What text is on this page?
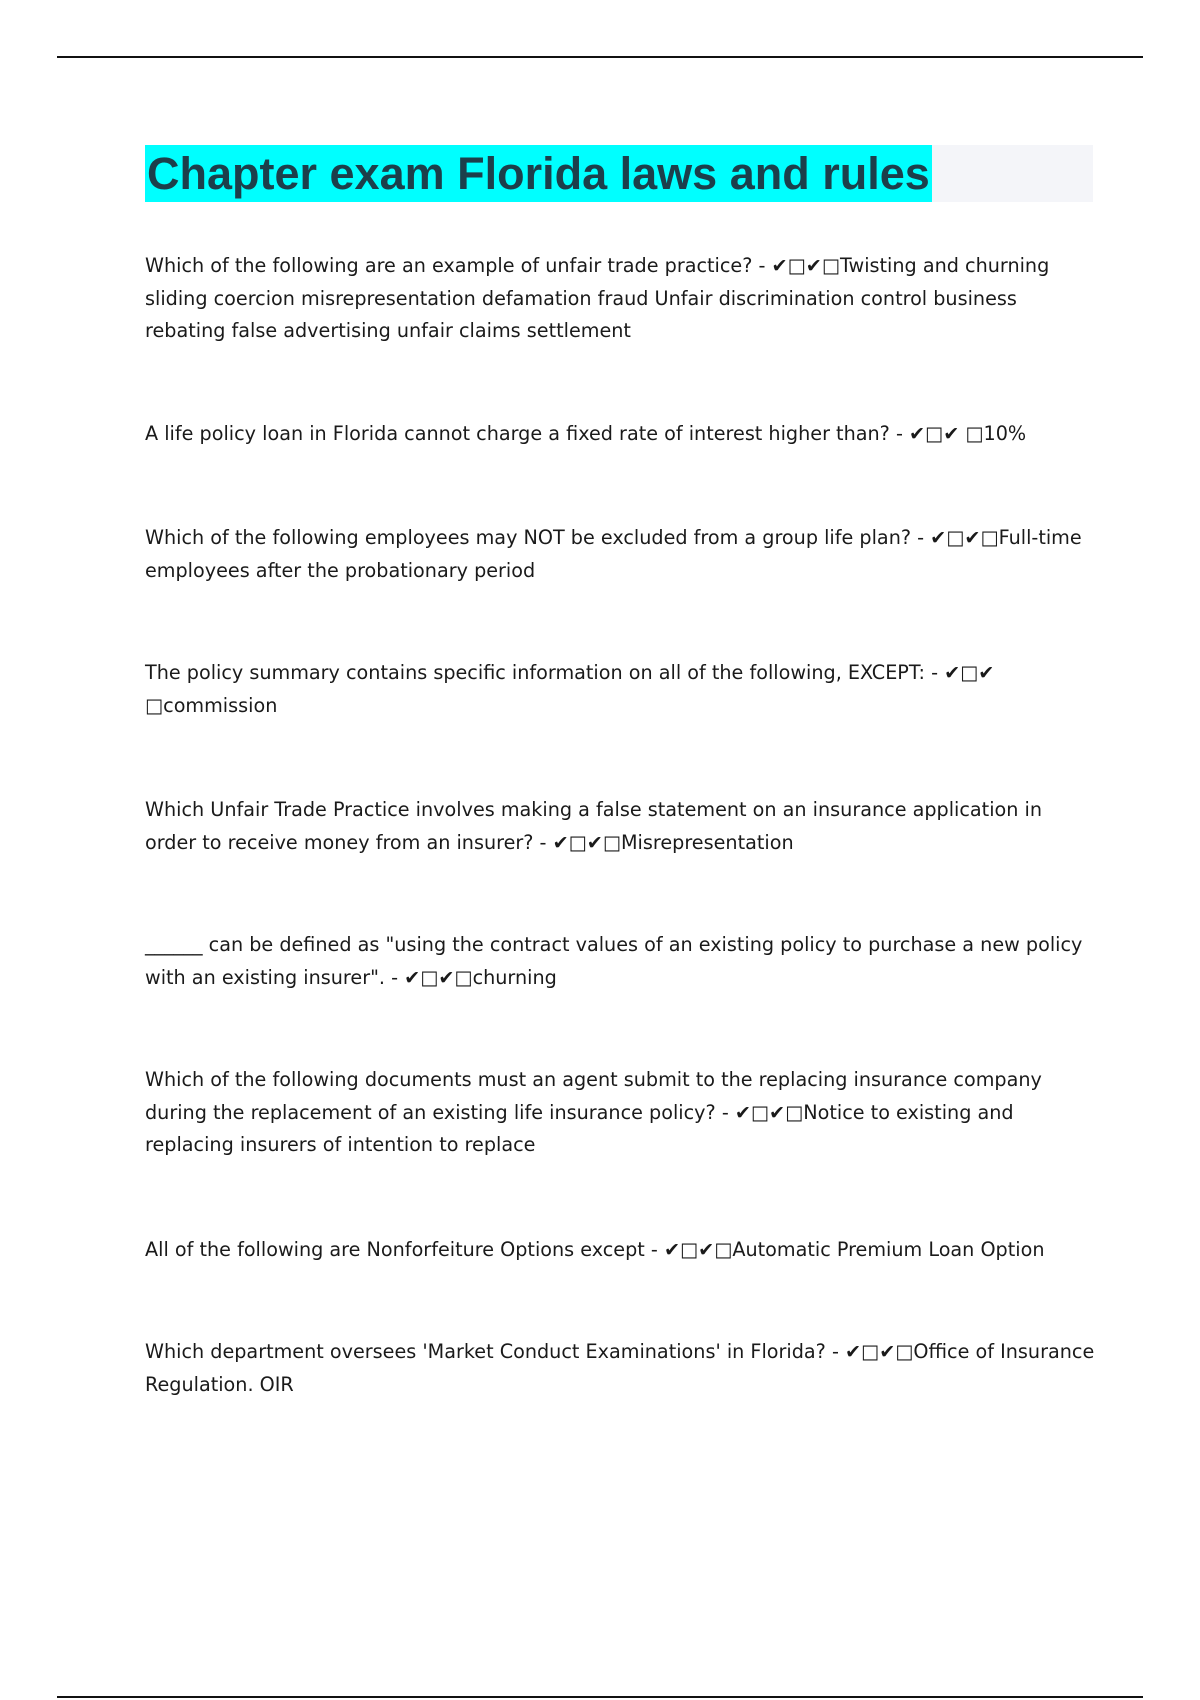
Chapter exam Florida laws and rules
Which of the following are an example of unfair trade practice? - ✔□✔□Twisting and churning sliding coercion misrepresentation defamation fraud Unfair discrimination control business rebating false advertising unfair claims settlement
A life policy loan in Florida cannot charge a fixed rate of interest higher than? - ✔□✔ □10%
Which of the following employees may NOT be excluded from a group life plan? - ✔□✔□Full-time employees after the probationary period
The policy summary contains specific information on all of the following, EXCEPT: - ✔□✔ □commission
Which Unfair Trade Practice involves making a false statement on an insurance application in order to receive money from an insurer? - ✔□✔□Misrepresentation
______ can be defined as "using the contract values of an existing policy to purchase a new policy with an existing insurer". - ✔□✔□churning
Which of the following documents must an agent submit to the replacing insurance company during the replacement of an existing life insurance policy? - ✔□✔□Notice to existing and replacing insurers of intention to replace
All of the following are Nonforfeiture Options except - ✔□✔□Automatic Premium Loan Option
Which department oversees 'Market Conduct Examinations' in Florida? - ✔□✔□Office of Insurance Regulation. OIR
